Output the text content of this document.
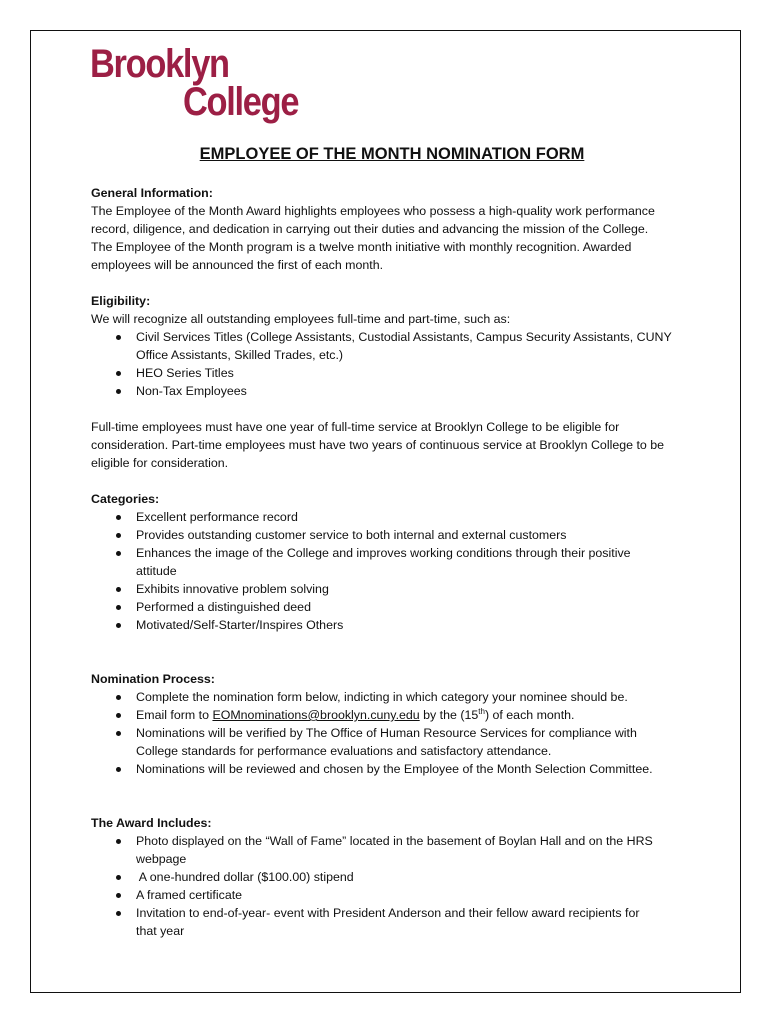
Brooklyn
College
EMPLOYEE OF THE MONTH NOMINATION FORM
General Information:
The Employee of the Month Award highlights employees who possess a high-quality work performance
record, diligence, and dedication in carrying out their duties and advancing the mission of the College.
The Employee of the Month program is a twelve month initiative with monthly recognition. Awarded
employees will be announced the first of each month.
Eligibility:
We will recognize all outstanding employees full-time and part-time, such as:
Civil Services Titles (College Assistants, Custodial Assistants, Campus Security Assistants, CUNY
Office Assistants, Skilled Trades, etc.)
HEO Series Titles
Non-Tax Employees
Full-time employees must have one year of full-time service at Brooklyn College to be eligible for
consideration. Part-time employees must have two years of continuous service at Brooklyn College to be
eligible for consideration.
Categories:
Excellent performance record
Provides outstanding customer service to both internal and external customers
Enhances the image of the College and improves working conditions through their positive
attitude
Exhibits innovative problem solving
Performed a distinguished deed
Motivated/Self-Starter/Inspires Others
Nomination Process:
Complete the nomination form below, indicting in which category your nominee should be.
Email form to EOMnominations@brooklyn.cuny.edu by the (15th) of each month.
Nominations will be verified by The Office of Human Resource Services for compliance with
College standards for performance evaluations and satisfactory attendance.
Nominations will be reviewed and chosen by the Employee of the Month Selection Committee.
The Award Includes:
Photo displayed on the “Wall of Fame” located in the basement of Boylan Hall and on the HRS
webpage
A one-hundred dollar ($100.00) stipend
A framed certificate
Invitation to end-of-year- event with President Anderson and their fellow award recipients for
that year
